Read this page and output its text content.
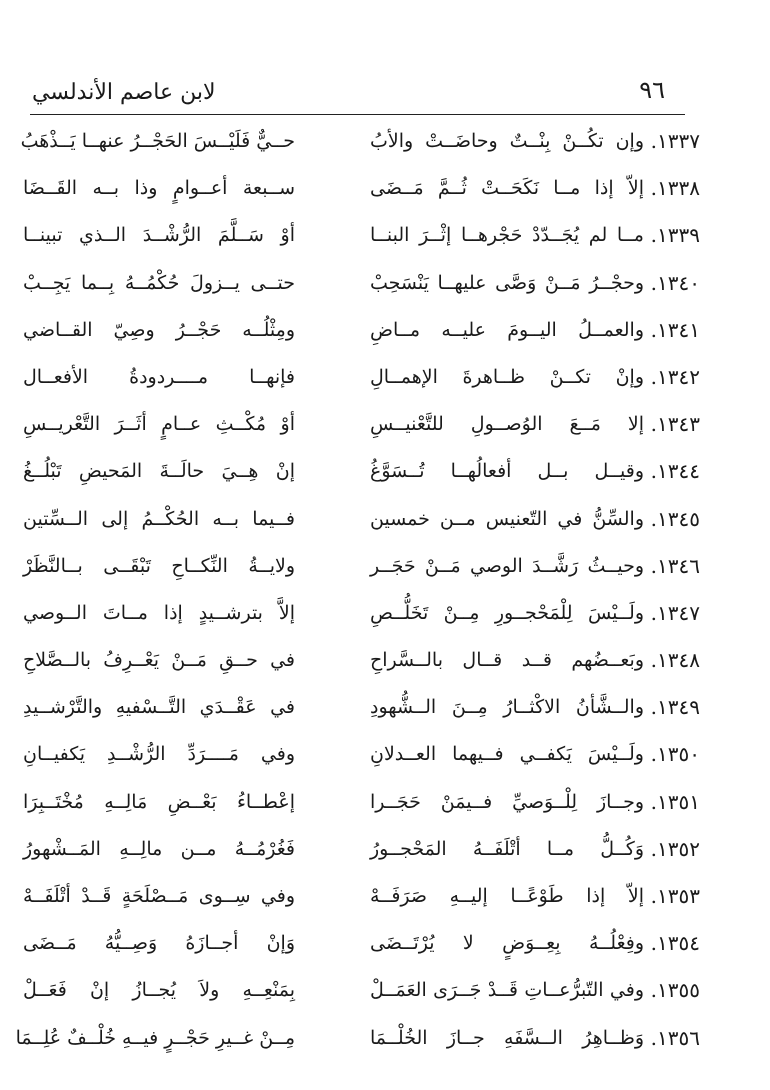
٩٦
لابن عاصم الأندلسي
١٣٣٧.
وإن تكُــنْ بِنْــتٌ وحاضَــتْ والأبُ
حــيٌّ فَلَيْــسَ الحَجْــرُ عنهــا يَــذْهَبُ
١٣٣٨.
إلاّ إذا مــا نَكَحَــتْ ثُــمَّ مَــضَى
ســبعة أعــوامٍ وذا بــه القَــضَا
١٣٣٩.
مــا لم يُجَــدّدْ حَجْرهــا إثْــرَ البنــا
أوْ سَــلَّمَ الرُّشْــدَ الــذي تبينــا
١٣٤٠.
وحجْــرُ مَــنْ وَصَّى عليهــا يَنْسَحِبْ
حتــى يــزولَ حُكْمُــهُ بِــما يَجِــبْ
١٣٤١.
والعمــلُ اليــومَ عليــه مــاضِ
ومِثْلُــه حَجْــرُ وصِيّ القــاضي
١٣٤٢.
وإنْ تكــنْ ظــاهرةَ الإهمــالِ
فإنهــا مــــردودةُ الأفعــال
١٣٤٣.
إلا مَــعَ الوُصــولِ للتَّعْنيــسِ
أوْ مُكْــثِ عــامٍ أثَــرَ التَّعْريــسِ
١٣٤٤.
وقيــل بــل أفعالُهــا تُــسَوَّغُ
إنْ هِــيَ حالَــةَ المَحيضِ تَبْلُــغُ
١٣٤٥.
والسِّنُّ في التّعنيس مــن خمسين
فــيما بــه الحُكْــمُ إلى الــسِّتين
١٣٤٦.
وحيــثُ رَشَّــدَ الوصي مَــنْ حَجَــر
ولايــةُ النِّكــاحِ تَبْقَــى بــالنَّظَرْ
١٣٤٧.
ولَــيْسَ لِلْمَحْجــورِ مِــنْ تَخَلُّــصِ
إلاَّ بترشــيدٍ إذا مــاتَ الــوصي
١٣٤٨.
وبَعــضُهم قــد قــال بالــسَّراحِ
في حــقِ مَــنْ يَعْــرِفُ بالــصَّلاحِ
١٣٤٩.
والــشَّأنُ الاكْثــارُ مِــنَ الــشُّهودِ
في عَقْــدَي التَّــسْفيهِ والتَّرْشــيدِ
١٣٥٠.
ولَــيْسَ يَكفــي فــيهما العــدلانِ
وفي مَــــرَدِّ الرُّشْــدِ يَكفيــانِ
١٣٥١.
وجــازَ لِلْــوَصيِّ فــيمَنْ حَجَــرا
إعْطــاءُ بَعْــضِ مَالِــهِ مُخْتَــبِرَا
١٣٥٢.
وَكُــلُّ مــا أتْلَفَــهُ المَحْجــورُ
فَغُرْمُــهُ مــن مالِــهِ المَــشْهورُ
١٣٥٣.
إلاّ إذا طَوْعًــا إليــهِ صَرَفَــهْ
وفي سِــوى مَــصْلَحَةٍ قَــدْ أتْلَفَــهْ
١٣٥٤.
وفِعْلُــهُ بِعِــوَضٍ لا يُرْتَــضَى
وَإنْ أجــازَهُ وَصِــيُّهُ مَــضَى
١٣٥٥.
وفي التّبرُّعــاتِ قَــدْ جَــرَى العَمَــلْ
بِمَنْعِــهِ ولاَ يُجــازُ إنْ فَعَــلْ
١٣٥٦.
وَظــاهِرُ الــسَّفَهِ جــازَ الخُلْــمَا
مِــنْ غــيرِ حَجْــرٍ فيــهِ خُلْــفٌ عُلِــمَا
